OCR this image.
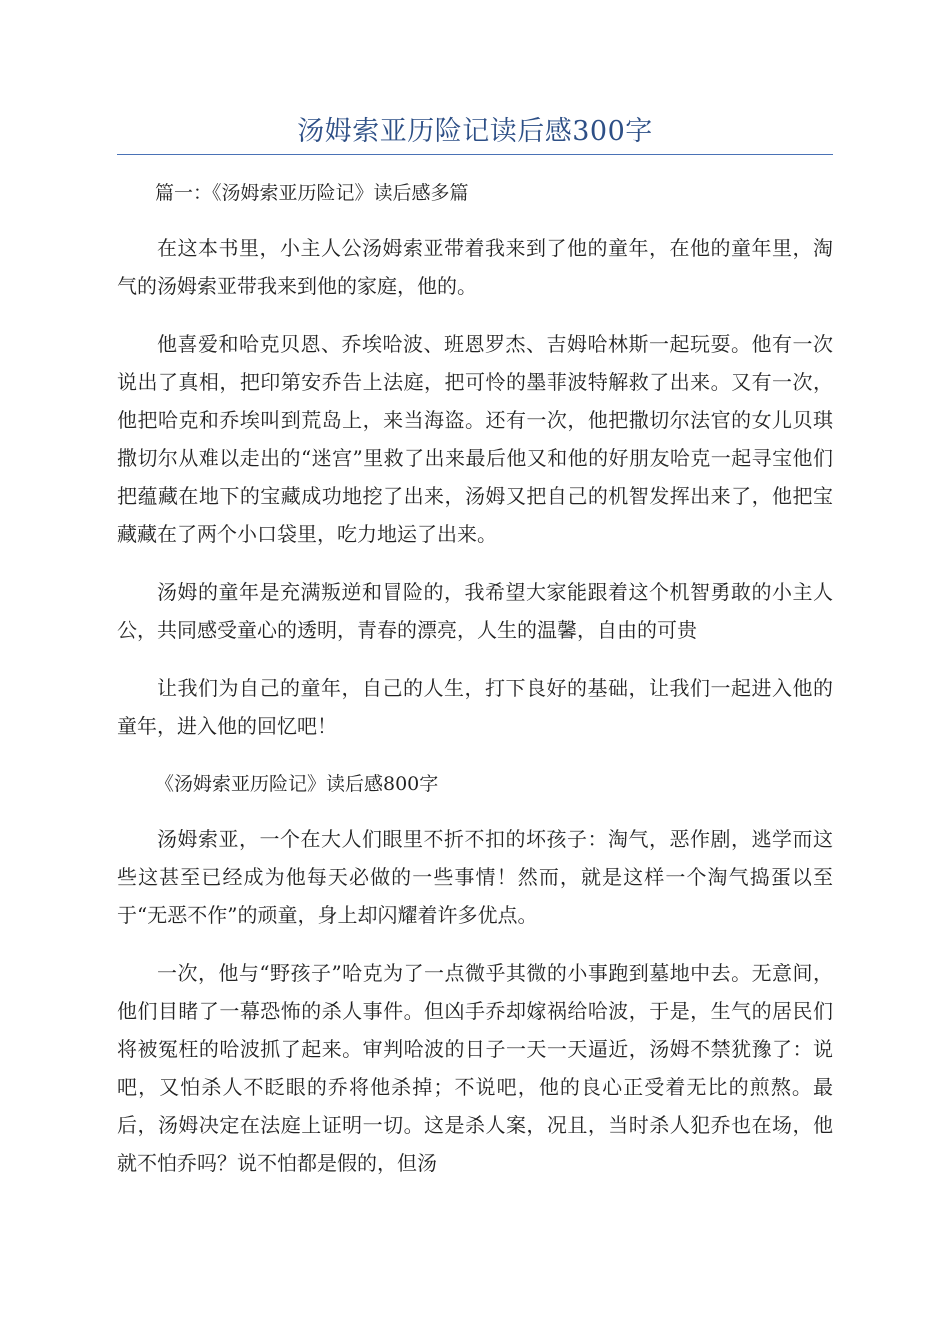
汤姆索亚历险记读后感300字

篇一：《汤姆索亚历险记》读后感多篇

在这本书里，小主人公汤姆索亚带着我来到了他的童年，在他的童年里，淘气的汤姆索亚带我来到他的家庭，他的。

他喜爱和哈克贝恩、乔埃哈波、班恩罗杰、吉姆哈林斯一起玩耍。他有一次说出了真相，把印第安乔告上法庭，把可怜的墨菲波特解救了出来。又有一次，他把哈克和乔埃叫到荒岛上，来当海盗。还有一次，他把撒切尔法官的女儿贝琪撒切尔从难以走出的“迷宫”里救了出来最后他又和他的好朋友哈克一起寻宝他们把蕴藏在地下的宝藏成功地挖了出来，汤姆又把自己的机智发挥出来了，他把宝藏藏在了两个小口袋里，吃力地运了出来。

汤姆的童年是充满叛逆和冒险的，我希望大家能跟着这个机智勇敢的小主人公，共同感受童心的透明，青春的漂亮，人生的温馨，自由的可贵

让我们为自己的童年，自己的人生，打下良好的基础，让我们一起进入他的童年，进入他的回忆吧！

《汤姆索亚历险记》读后感800字

汤姆索亚，一个在大人们眼里不折不扣的坏孩子：淘气，恶作剧，逃学而这些这甚至已经成为他每天必做的一些事情！然而，就是这样一个淘气捣蛋以至于“无恶不作”的顽童，身上却闪耀着许多优点。

一次，他与“野孩子”哈克为了一点微乎其微的小事跑到墓地中去。无意间，他们目睹了一幕恐怖的杀人事件。但凶手乔却嫁祸给哈波，于是，生气的居民们将被冤枉的哈波抓了起来。审判哈波的日子一天一天逼近，汤姆不禁犹豫了：说吧，又怕杀人不眨眼的乔将他杀掉；不说吧，他的良心正受着无比的煎熬。最后，汤姆决定在法庭上证明一切。这是杀人案，况且，当时杀人犯乔也在场，他就不怕乔吗？说不怕都是假的，但汤
